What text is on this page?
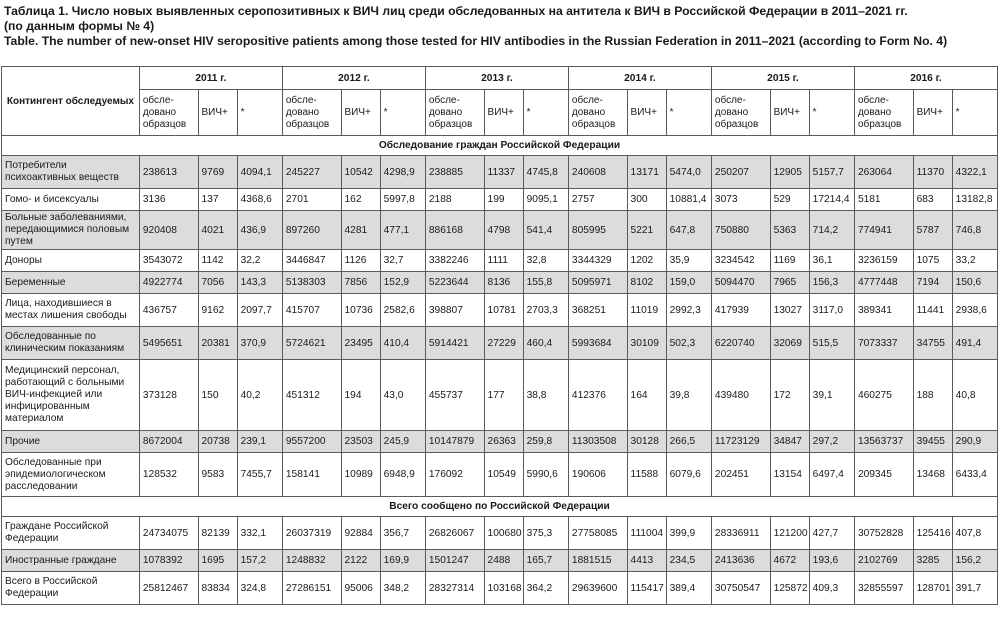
Таблица 1. Число новых выявленных серопозитивных к ВИЧ лиц среди обследованных на антитела к ВИЧ в Российской Федерации в 2011–2021 гг.
(по данным формы № 4)
Table. The number of new-onset HIV seropositive patients among those tested for HIV antibodies in the Russian Federation in 2011–2021 (according to Form No. 4)
Контингент обследуемых	2011 г.			2012 г.			2013 г.			2014 г.			2015 г.			2016 г.		
	обсле-
довано
образцов	ВИЧ+	*	обсле-
довано
образцов	ВИЧ+	*	обсле-
довано
образцов	ВИЧ+	*	обсле-
довано
образцов	ВИЧ+	*	обсле-
довано
образцов	ВИЧ+	*	обсле-
довано
образцов	ВИЧ+	*
Обследование граждан Российской Федерации																		
Потребители психоактивных веществ	238613	9769	4094,1	245227	10542	4298,9	238885	11337	4745,8	240608	13171	5474,0	250207	12905	5157,7	263064	11370	4322,1
Гомо- и бисексуалы	3136	137	4368,6	2701	162	5997,8	2188	199	9095,1	2757	300	10881,4	3073	529	17214,4	5181	683	13182,8
Больные заболеваниями, передающимися половым путем	920408	4021	436,9	897260	4281	477,1	886168	4798	541,4	805995	5221	647,8	750880	5363	714,2	774941	5787	746,8
Доноры	3543072	1142	32,2	3446847	1126	32,7	3382246	1111	32,8	3344329	1202	35,9	3234542	1169	36,1	3236159	1075	33,2
Беременные	4922774	7056	143,3	5138303	7856	152,9	5223644	8136	155,8	5095971	8102	159,0	5094470	7965	156,3	4777448	7194	150,6
Лица, находившиеся в местах лишения свободы	436757	9162	2097,7	415707	10736	2582,6	398807	10781	2703,3	368251	11019	2992,3	417939	13027	3117,0	389341	11441	2938,6
Обследованные по клиническим показаниям	5495651	20381	370,9	5724621	23495	410,4	5914421	27229	460,4	5993684	30109	502,3	6220740	32069	515,5	7073337	34755	491,4
Медицинский персонал, работающий с больными ВИЧ-инфекцией или инфицированным материалом	373128	150	40,2	451312	194	43,0	455737	177	38,8	412376	164	39,8	439480	172	39,1	460275	188	40,8
Прочие	8672004	20738	239,1	9557200	23503	245,9	10147879	26363	259,8	11303508	30128	266,5	11723129	34847	297,2	13563737	39455	290,9
Обследованные при эпидемиологическом расследовании	128532	9583	7455,7	158141	10989	6948,9	176092	10549	5990,6	190606	11588	6079,6	202451	13154	6497,4	209345	13468	6433,4
Всего сообщено по Российской Федерации																		
Граждане Российской Федерации	24734075	82139	332,1	26037319	92884	356,7	26826067	100680	375,3	27758085	111004	399,9	28336911	121200	427,7	30752828	125416	407,8
Иностранные граждане	1078392	1695	157,2	1248832	2122	169,9	1501247	2488	165,7	1881515	4413	234,5	2413636	4672	193,6	2102769	3285	156,2
Всего в Российской Федерации	25812467	83834	324,8	27286151	95006	348,2	28327314	103168	364,2	29639600	115417	389,4	30750547	125872	409,3	32855597	128701	391,7
